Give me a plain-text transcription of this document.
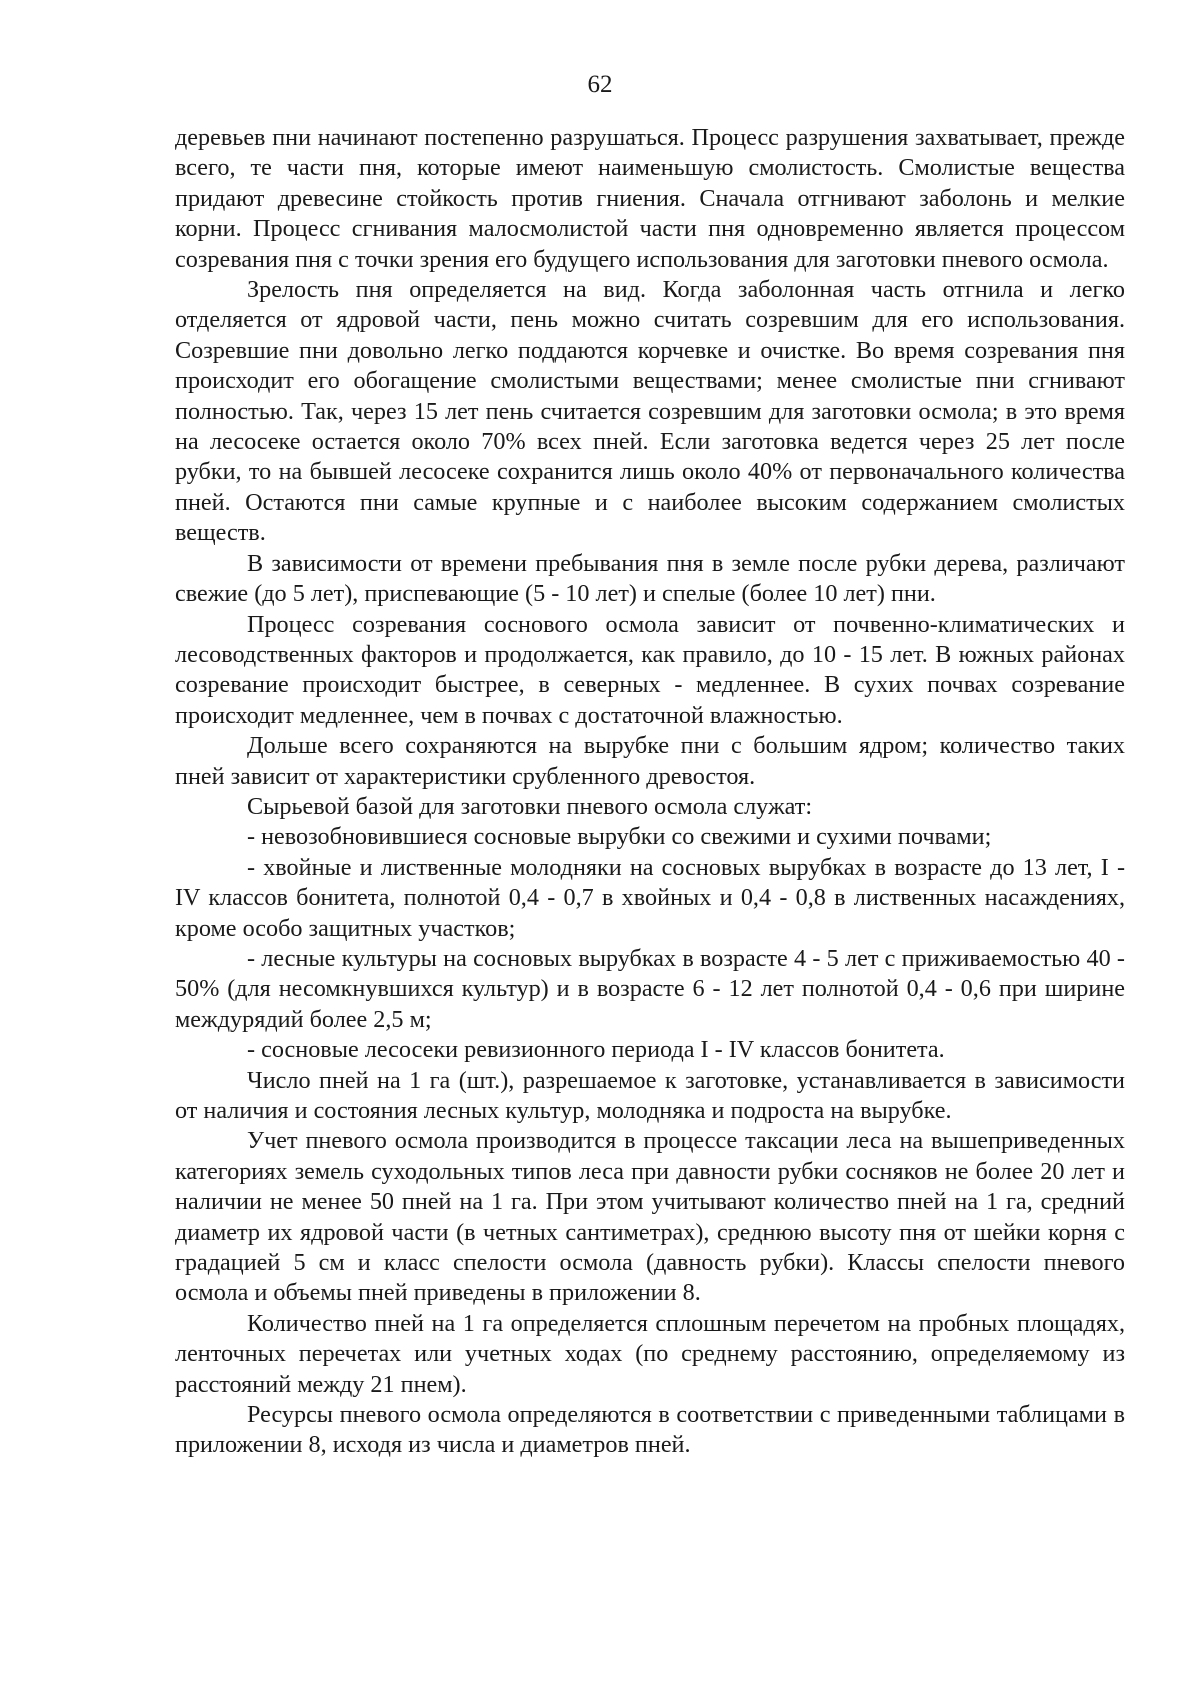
62

деревьев пни начинают постепенно разрушаться. Процесс разрушения захватывает, прежде всего, те части пня, которые имеют наименьшую смолистость. Смолистые вещества придают древесине стойкость против гниения. Сначала отгнивают заболонь и мелкие корни. Процесс сгнивания малосмолистой части пня одновременно является процессом созревания пня с точки зрения его будущего использования для заготовки пневого осмола.

Зрелость пня определяется на вид. Когда заболонная часть отгнила и легко отделяется от ядровой части, пень можно считать созревшим для его использования. Созревшие пни довольно легко поддаются корчевке и очистке. Во время созревания пня происходит его обогащение смолистыми веществами; менее смолистые пни сгнивают полностью. Так, через 15 лет пень считается созревшим для заготовки осмола; в это время на лесосеке остается около 70% всех пней. Если заготовка ведется через 25 лет после рубки, то на бывшей лесосеке сохранится лишь около 40% от первоначального количества пней. Остаются пни самые крупные и с наиболее высоким содержанием смолистых веществ.

В зависимости от времени пребывания пня в земле после рубки дерева, различают свежие (до 5 лет), приспевающие (5 - 10 лет) и спелые (более 10 лет) пни.

Процесс созревания соснового осмола зависит от почвенно-климатических и лесоводственных факторов и продолжается, как правило, до 10 - 15 лет. В южных районах созревание происходит быстрее, в северных - медленнее. В сухих почвах созревание происходит медленнее, чем в почвах с достаточной влажностью.

Дольше всего сохраняются на вырубке пни с большим ядром; количество таких пней зависит от характеристики срубленного древостоя.

Сырьевой базой для заготовки пневого осмола служат:

- невозобновившиеся сосновые вырубки со свежими и сухими почвами;

- хвойные и лиственные молодняки на сосновых вырубках в возрасте до 13 лет, I - IV классов бонитета, полнотой 0,4 - 0,7 в хвойных и 0,4 - 0,8 в лиственных насаждениях, кроме особо защитных участков;

- лесные культуры на сосновых вырубках в возрасте 4 - 5 лет с приживаемостью 40 - 50% (для несомкнувшихся культур) и в возрасте 6 - 12 лет полнотой 0,4 - 0,6 при ширине междурядий более 2,5 м;

- сосновые лесосеки ревизионного периода I - IV классов бонитета.

Число пней на 1 га (шт.), разрешаемое к заготовке, устанавливается в зависимости от наличия и состояния лесных культур, молодняка и подроста на вырубке.

Учет пневого осмола производится в процессе таксации леса на вышеприведенных категориях земель суходольных типов леса при давности рубки сосняков не более 20 лет и наличии не менее 50 пней на 1 га. При этом учитывают количество пней на 1 га, средний диаметр их ядровой части (в четных сантиметрах), среднюю высоту пня от шейки корня с градацией 5 см и класс спелости осмола (давность рубки). Классы спелости пневого осмола и объемы пней приведены в приложении 8.

Количество пней на 1 га определяется сплошным перечетом на пробных площадях, ленточных перечетах или учетных ходах (по среднему расстоянию, определяемому из расстояний между 21 пнем).

Ресурсы пневого осмола определяются в соответствии с приведенными таблицами в приложении 8, исходя из числа и диаметров пней.
